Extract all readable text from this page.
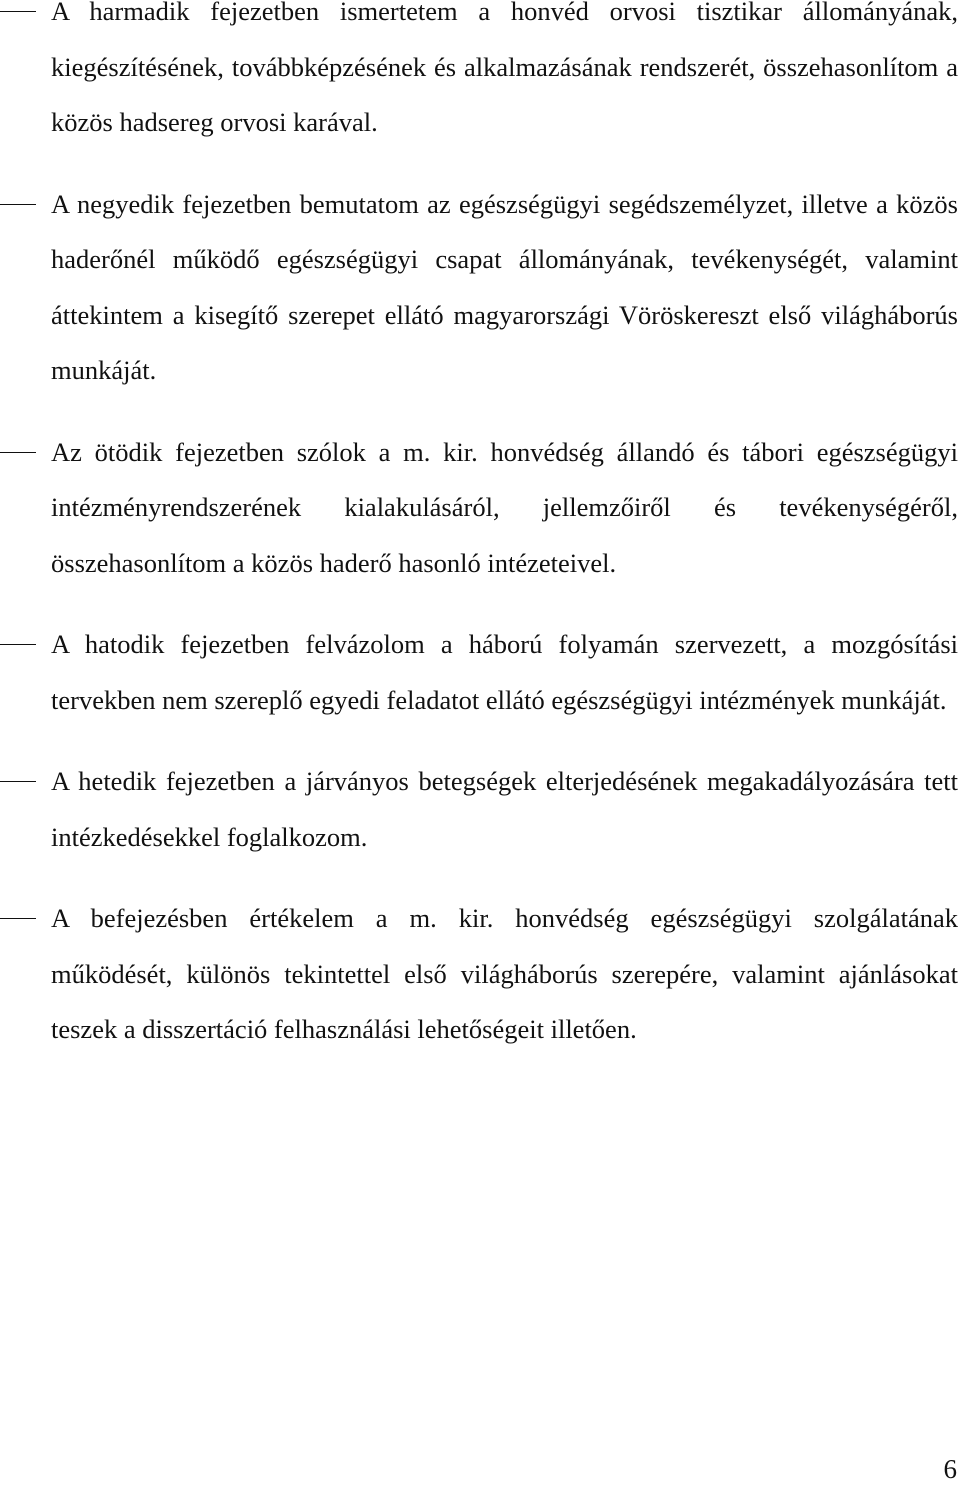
A harmadik fejezetben ismertetem a honvéd orvosi tisztikar állományának, kiegészítésének, továbbképzésének és alkalmazásának rendszerét, összehasonlítom a közös hadsereg orvosi karával.
A negyedik fejezetben bemutatom az egészségügyi segédszemélyzet, illetve a közös haderőnél működő egészségügyi csapat állományának, tevékenységét, valamint áttekintem a kisegítő szerepet ellátó magyarországi Vöröskereszt első világháborús munkáját.
Az ötödik fejezetben szólok a m. kir. honvédség állandó és tábori egészségügyi intézményrendszerének kialakulásáról, jellemzőiről és tevékenységéről, összehasonlítom a közös haderő hasonló intézeteivel.
A hatodik fejezetben felvázolom a háború folyamán szervezett, a mozgósítási tervekben nem szereplő egyedi feladatot ellátó egészségügyi intézmények munkáját.
A hetedik fejezetben a járványos betegségek elterjedésének megakadályozására tett intézkedésekkel foglalkozom.
A befejezésben értékelem a m. kir. honvédség egészségügyi szolgálatának működését, különös tekintettel első világháborús szerepére, valamint ajánlásokat teszek a disszertáció felhasználási lehetőségeit illetően.
6
